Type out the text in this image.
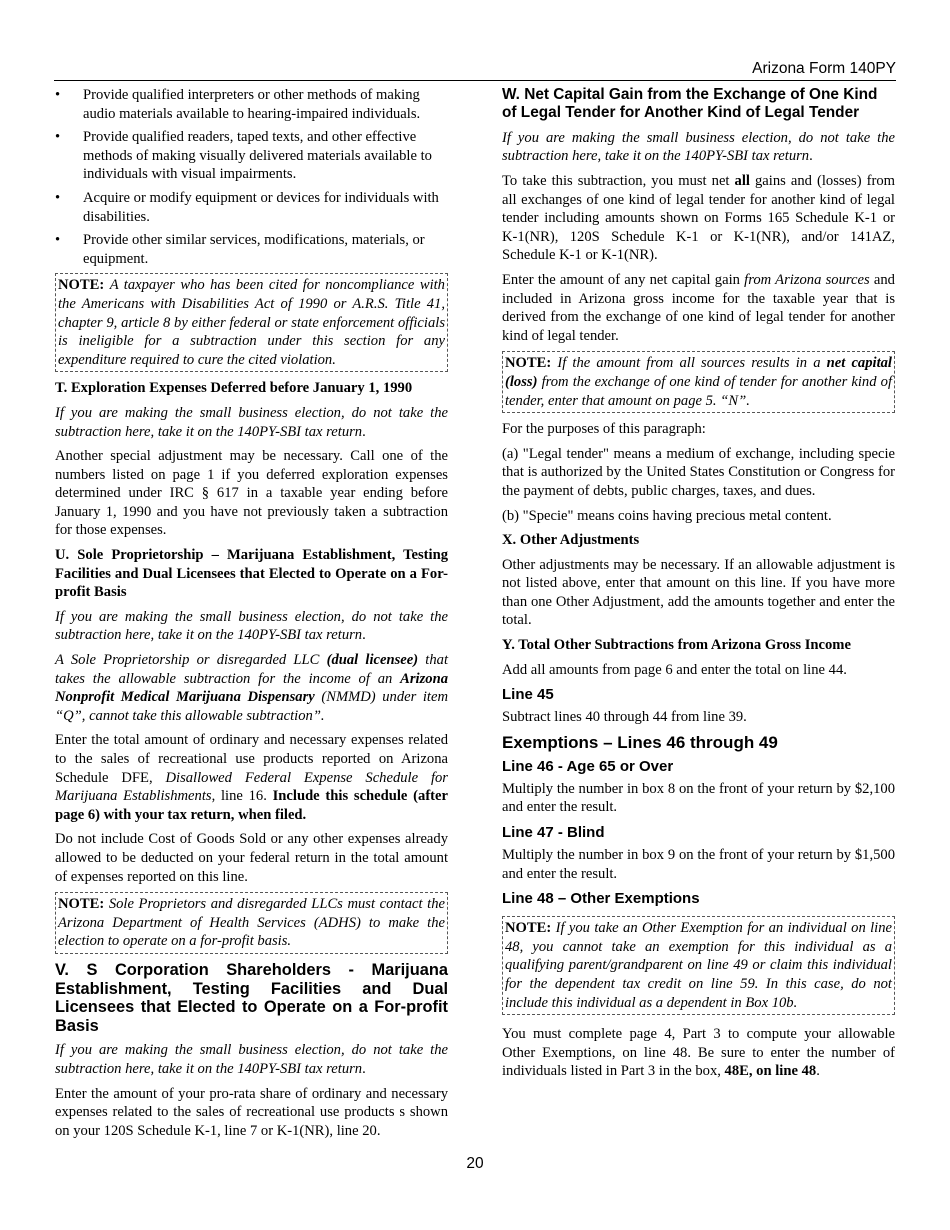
Arizona Form 140PY
• Provide qualified interpreters or other methods of making audio materials available to hearing-impaired individuals.
• Provide qualified readers, taped texts, and other effective methods of making visually delivered materials available to individuals with visual impairments.
• Acquire or modify equipment or devices for individuals with disabilities.
• Provide other similar services, modifications, materials, or equipment.
NOTE: A taxpayer who has been cited for noncompliance with the Americans with Disabilities Act of 1990 or A.R.S. Title 41, chapter 9, article 8 by either federal or state enforcement officials is ineligible for a subtraction under this section for any expenditure required to cure the cited violation.
T. Exploration Expenses Deferred before January 1, 1990

If you are making the small business election, do not take the subtraction here, take it on the 140PY-SBI tax return.

Another special adjustment may be necessary. Call one of the numbers listed on page 1 if you deferred exploration expenses determined under IRC § 617 in a taxable year ending before January 1, 1990 and you have not previously taken a subtraction for those expenses.

U. Sole Proprietorship – Marijuana Establishment, Testing Facilities and Dual Licensees that Elected to Operate on a For-profit Basis

If you are making the small business election, do not take the subtraction here, take it on the 140PY-SBI tax return.

A Sole Proprietorship or disregarded LLC (dual licensee) that takes the allowable subtraction for the income of an Arizona Nonprofit Medical Marijuana Dispensary (NMMD) under item “Q”, cannot take this allowable subtraction”.

Enter the total amount of ordinary and necessary expenses related to the sales of recreational use products reported on Arizona Schedule DFE, Disallowed Federal Expense Schedule for Marijuana Establishments, line 16. Include this schedule (after page 6) with your tax return, when filed.

Do not include Cost of Goods Sold or any other expenses already allowed to be deducted on your federal return in the total amount of expenses reported on this line.

NOTE: Sole Proprietors and disregarded LLCs must contact the Arizona Department of Health Services (ADHS) to make the election to operate on a for-profit basis.
V. S Corporation Shareholders - Marijuana Establishment, Testing Facilities and Dual Licensees that Elected to Operate on a For-profit Basis

If you are making the small business election, do not take the subtraction here, take it on the 140PY-SBI tax return.

Enter the amount of your pro-rata share of ordinary and necessary expenses related to the sales of recreational use products s shown on your 120S Schedule K-1, line 7 or K-1(NR), line 20.

W. Net Capital Gain from the Exchange of One Kind of Legal Tender for Another Kind of Legal Tender

If you are making the small business election, do not take the subtraction here, take it on the 140PY-SBI tax return.

To take this subtraction, you must net all gains and (losses) from all exchanges of one kind of legal tender for another kind of legal tender including amounts shown on Forms 165 Schedule K-1 or K-1(NR), 120S Schedule K-1 or K-1(NR), and/or 141AZ, Schedule K-1 or K-1(NR).

Enter the amount of any net capital gain from Arizona sources and included in Arizona gross income for the taxable year that is derived from the exchange of one kind of legal tender for another kind of legal tender.

NOTE: If the amount from all sources results in a net capital (loss) from the exchange of one kind of tender for another kind of tender, enter that amount on page 5. “N”.

For the purposes of this paragraph:

(a) "Legal tender" means a medium of exchange, including specie that is authorized by the United States Constitution or Congress for the payment of debts, public charges, taxes, and dues.

(b) "Specie" means coins having precious metal content.

X. Other Adjustments

Other adjustments may be necessary. If an allowable adjustment is not listed above, enter that amount on this line. If you have more than one Other Adjustment, add the amounts together and enter the total.

Y. Total Other Subtractions from Arizona Gross Income

Add all amounts from page 6 and enter the total on line 44.

Line 45

Subtract lines 40 through 44 from line 39.

Exemptions – Lines 46 through 49
Line 46 - Age 65 or Over

Multiply the number in box 8 on the front of your return by $2,100 and enter the result.

Line 47 - Blind

Multiply the number in box 9 on the front of your return by $1,500 and enter the result.

Line 48 – Other Exemptions
NOTE: If you take an Other Exemption for an individual on line 48, you cannot take an exemption for this individual as a qualifying parent/grandparent on line 49 or claim this individual for the dependent tax credit on line 59. In this case, do not include this individual as a dependent in Box 10b.

You must complete page 4, Part 3 to compute your allowable Other Exemptions, on line 48. Be sure to enter the number of individuals listed in Part 3 in the box, 48E, on line 48.

20
